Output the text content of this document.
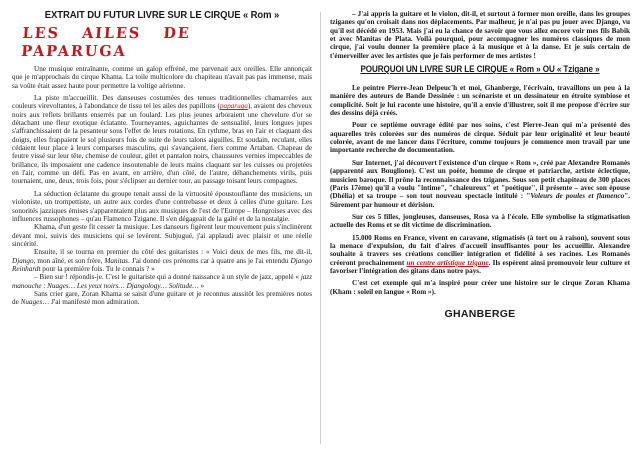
EXTRAIT DU FUTUR LIVRE SUR LE CIRQUE « Rom »
LES AILES DE PAPARUGA

Une musique entraînante, comme un galop effréné, me parvenait aux oreilles. Elle annonçait que je m'approchais du cirque Khama. La toile multicolore du chapiteau n'avait pas pas immense, mais sa voûte était assez haute pour permettre la voltige aérienne.

La piste m'accueillit. Des danseuses costumées des tenues traditionnelles chamarrées aux couleurs virevoltantes, à l'abondance de tissu tel les ailes des papillons (paparuga), avaient des cheveux noirs aux reflets brillants enserrés par un foulard. Les plus jeunes arboraient une chevelure d'or se détachant une fleur exotique éclatante. Tourneyantes, aguichantes de sensualité, leurs longues jupes s'affranchissaient de la pesanteur sous l'effet de leurs rotations. En rythme, bras en l'air et claquant des doigts, elles frappaient le sol plusieurs fois de suite de leurs talons aiguilles. Et soudain, reculant, elles cédaient leur place à leurs comparses masculins, qui s'avançaient, fiers comme Artaban. Chapeau de feutre vissé sur leur tête, chemise de couleur, gilet et pantalon noirs, chaussures vernies impeccables de brillance, ils imposaient une cadence insoutenable de leurs mains claquant sur les cuisses ou projetées en l'air, comme un défi. Pas en avant, en arrière, d'un côté, de l'autre, déhanchements virils, puis tournaient, une, deux, trois fois, pour s'éclipser au dernier tour, au passage toisant leurs compagnes.

La séduction éclatante du groupe tenait aussi de la virtuosité époustouflante des musiciens, un violoniste, un trompettiste, un autre aux cordes d'une contrebasse et deux à celles d'une guitare. Les sonorités jazziques émises s'apparentaient plus aux musiques de l'est de l'Europe – Hongroises avec des influences russophones – qu'au Flamenco Tzigane. Il s'en dégageait de la gaîté et de la nostalgie.

Khama, d'un geste fit cesser la musique. Les danseurs figèrent leur mouvement puis s'inclinèrent devant moi, suivis des musiciens qui se levèrent. Subjugué, j'ai applaudi avec plaisir et une réelle sincérité.

Ensuite, il se tourna en premier du côté des guitaristes : « Voici deux de mes fils, me dit-il, Django, mon aîné, et son frère, Manitas. J'ai donné ces prénoms car à quatre ans je l'ai entendu Django Reinhardt pour la première fois. Tu le connais ? »

– Bien sur ! répondis-je. C'est le guitariste qui a donné naissance à un style de jazz, appelé « jazz manouche : Nuages… Les yeux noirs… Djangology… Solitude… »

Sans crier gare, Zoran Khama se saisit d'une guitare et je reconnus aussitôt les premières notes de Nuages… J'ai manifesté mon admiration.

– J'ai appris la guitare et le violon, dit-il, et surtout à former mon oreille, dans les groupes tziganes qu'on croisait dans nos déplacements. Par malheur, je n'ai pas pu jouer avec Django, vu qu'il est décédé en 1953. Mais j'ai eu la chance de savoir que vous allez encore voir mes fils Babik et avec Manitas de Plata. Voilà pourquoi, pour accompagner les numéros classiques de mon cirque, j'ai voulu donner la première place à la musique et à la danse. Et je suis certain de t'émerveiller avec les artistes que je fais performer de mes artistes !

POURQUOI UN LIVRE SUR LE CIRQUE « Rom » OU « Tzigane »

Le peintre Pierre-Jean Delpeuc'h et moi, Ghanberge, l'écrivain, travaillons un peu à la manière des auteurs de Bande Dessinée : un scénariste et un dessinateur en étroite symbiose et complicité. Soit je lui raconte une histoire, qu'il a envie d'illustrer, soit il me propose d'écrire sur des dessins déjà créés.

Pour ce septième ouvrage édité par nos soins, c'est Pierre-Jean qui m'a présenté des aquarelles très colorées sur des numéros de cirque. Séduit par leur originalité et leur beauté colorée, avant de me lancer dans l'écriture, comme toujours je commence mon travail par une importante recherche de documentation.

Sur Internet, j'ai découvert l'existence d'un cirque « Rom », créé par Alexandre Romanès (apparenté aux Bouglione). C'est un poète, homme de cirque et patriarche, artiste éclectique, musicien baroque. Il prône la reconnaissance des tziganes. Sous son petit chapiteau de 300 places (Paris 17ème) qu'il a voulu "intime", "chaleureux" et "poétique", il présente – avec son épouse (Dhélia) et sa troupe – son tout nouveau spectacle intitulé : "Voleurs de poules et flamenco". Sûrement par humour et dérision.

Sur ces 5 filles, jongleuses, danseuses, Rosa va à l'école. Elle symbolise la stigmatisation actuelle des Roms et se dit victime de discrimination.

15.000 Roms en France, vivent en caravane, stigmatisés (à tort ou à raison), souvent sous la menace d'expulsion, du fait d'aires d'accueil insuffisantes pour les accueillir. Alexandre souhaite à travers ses créations concilier intégration et fidélité à ses racines. Les Romanès créeront prochainement un centre artistique tzigane. Ils espèrent ainsi promouvoir leur culture et favoriser l'intégration des gitans dans notre pays.

C'est cet exemple qui m'a inspiré pour créer une histoire sur le cirque Zoran Khama (Kham : soleil en langue « Rom »).

GHANBERGE
